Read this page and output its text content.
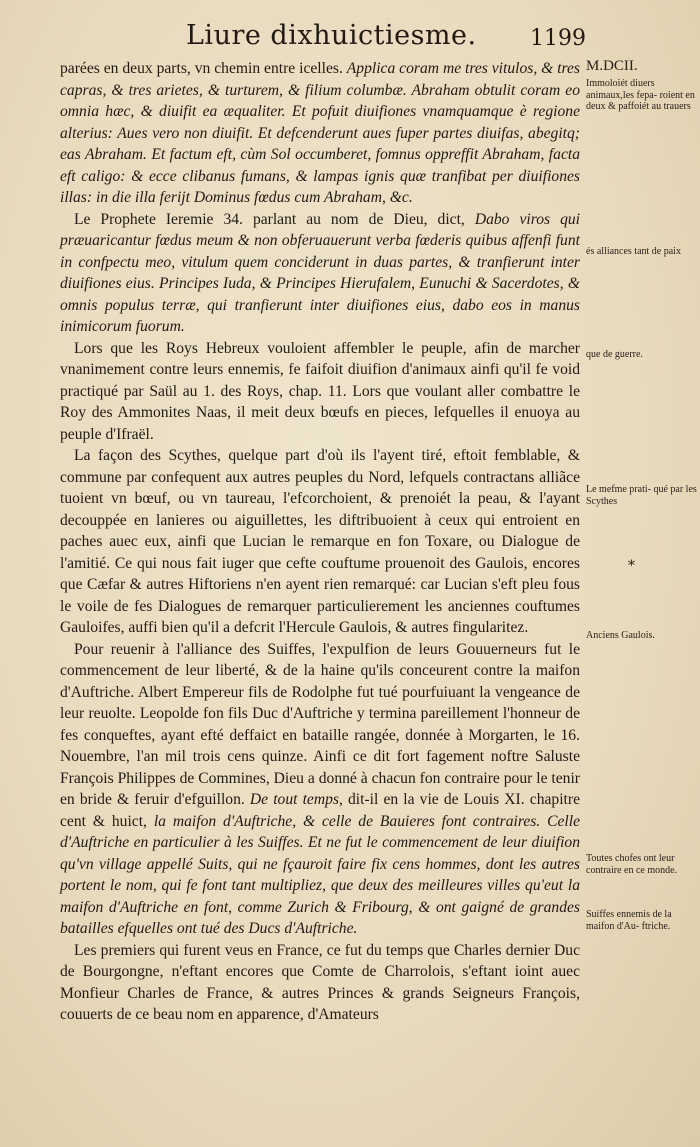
Liure dixhuictiesme. 1199

parées en deux parts, vn chemin entre icelles. Applica coram me tres vitulos, & tres capras, & tres arietes, & turturem, & filium columbæ. Abraham obtulit coram eo omnia hæc, & diuifit ea æqualiter. Et pofuit diuifiones vnamquamque è regione alterius: Aues vero non diuifit. Et defcenderunt aues fuper partes diuifas, abegitq; eas Abraham. Et factum eft, cùm Sol occumberet, fomnus oppreffit Abraham, facta eft caligo: & ecce clibanus fumans, & lampas ignis quæ tranfibat per diuifiones illas: in die illa ferijt Dominus fœdus cum Abraham, &c.

Le Prophete Ieremie 34. parlant au nom de Dieu, dict, Dabo viros qui præuaricantur fœdus meum & non obferuauerunt verba fœderis quibus affenfi funt in confpectu meo, vitulum quem conciderunt in duas partes, & tranfierunt inter diuifiones eius. Principes Iuda, & Principes Hierufalem, Eunuchi & Sacerdotes, & omnis populus terræ, qui tranfierunt inter diuifiones eius, dabo eos in manus inimicorum fuorum.

Lors que les Roys Hebreux vouloient affembler le peuple, afin de marcher vnanimement contre leurs ennemis, fe faifoit diuifion d'animaux ainfi qu'il fe void practiqué par Saül au 1. des Roys, chap. 11. Lors que voulant aller combattre le Roy des Ammonites Naas, il meit deux bœufs en pieces, lefquelles il enuoya au peuple d'Ifraël.

La façon des Scythes, quelque part d'où ils l'ayent tiré, eftoit femblable, & commune par confequent aux autres peuples du Nord, lefquels contractans alliãce tuoient vn bœuf, ou vn taureau, l'efcorchoient, & prenoiét la peau, & l'ayant decouppée en lanieres ou aiguillettes, les diftribuoient à ceux qui entroient en paches auec eux, ainfi que Lucian le remarque en fon Toxare, ou Dialogue de l'amitié. Ce qui nous fait iuger que cefte couftume prouenoit des Gaulois, encores que Cæfar & autres Hiftoriens n'en ayent rien remarqué: car Lucian s'eft pleu fous le voile de fes Dialogues de remarquer particulierement les anciennes couftumes Gauloifes, auffi bien qu'il a defcrit l'Hercule Gaulois, & autres fingularitez.

Pour reuenir à l'alliance des Suiffes, l'expulfion de leurs Gouuerneurs fut le commencement de leur liberté, & de la haine qu'ils conceurent contre la maifon d'Auftriche. Albert Empereur fils de Rodolphe fut tué pourfuiuant la vengeance de leur reuolte. Leopolde fon fils Duc d'Auftriche y termina pareillement l'honneur de fes conqueftes, ayant efté deffaict en bataille rangée, donnée à Morgarten, le 16. Nouembre, l'an mil trois cens quinze. Ainfi ce dit fort fagement noftre Saluste François Philippes de Commines, Dieu a donné à chacun fon contraire pour le tenir en bride & feruir d'efguillon. De tout temps, dit-il en la vie de Louis XI. chapitre cent & huict, la maifon d'Auftriche, & celle de Bauieres font contraires. Celle d'Auftriche en particulier à les Suiffes. Et ne fut le commencement de leur diuifion qu'vn village appellé Suits, qui ne fçauroit faire fix cens hommes, dont les autres portent le nom, qui fe font tant multipliez, que deux des meilleures villes qu'eut la maifon d'Auftriche en font, comme Zurich & Fribourg, & ont gaigné de grandes batailles efquelles ont tué des Ducs d'Auftriche.

Les premiers qui furent veus en France, ce fut du temps que Charles dernier Duc de Bourgongne, n'eftant encores que Comte de Charrolois, s'eftant ioint auec Monfieur Charles de France, & autres Princes & grands Seigneurs François, couuerts de ce beau nom en apparence, d'Amateurs

M.DCII.
Immoloiét diuers animaux,les fepa- roient en deux & paffoiét au trauers
és alliances tant de paix
que de guerre.
Le mefme prati- qué par les Scythes
*
Anciens Gaulois.
Toutes chofes ont leur contraire en ce monde.
Suiffes ennemis de la maifon d'Au- ftriche.
